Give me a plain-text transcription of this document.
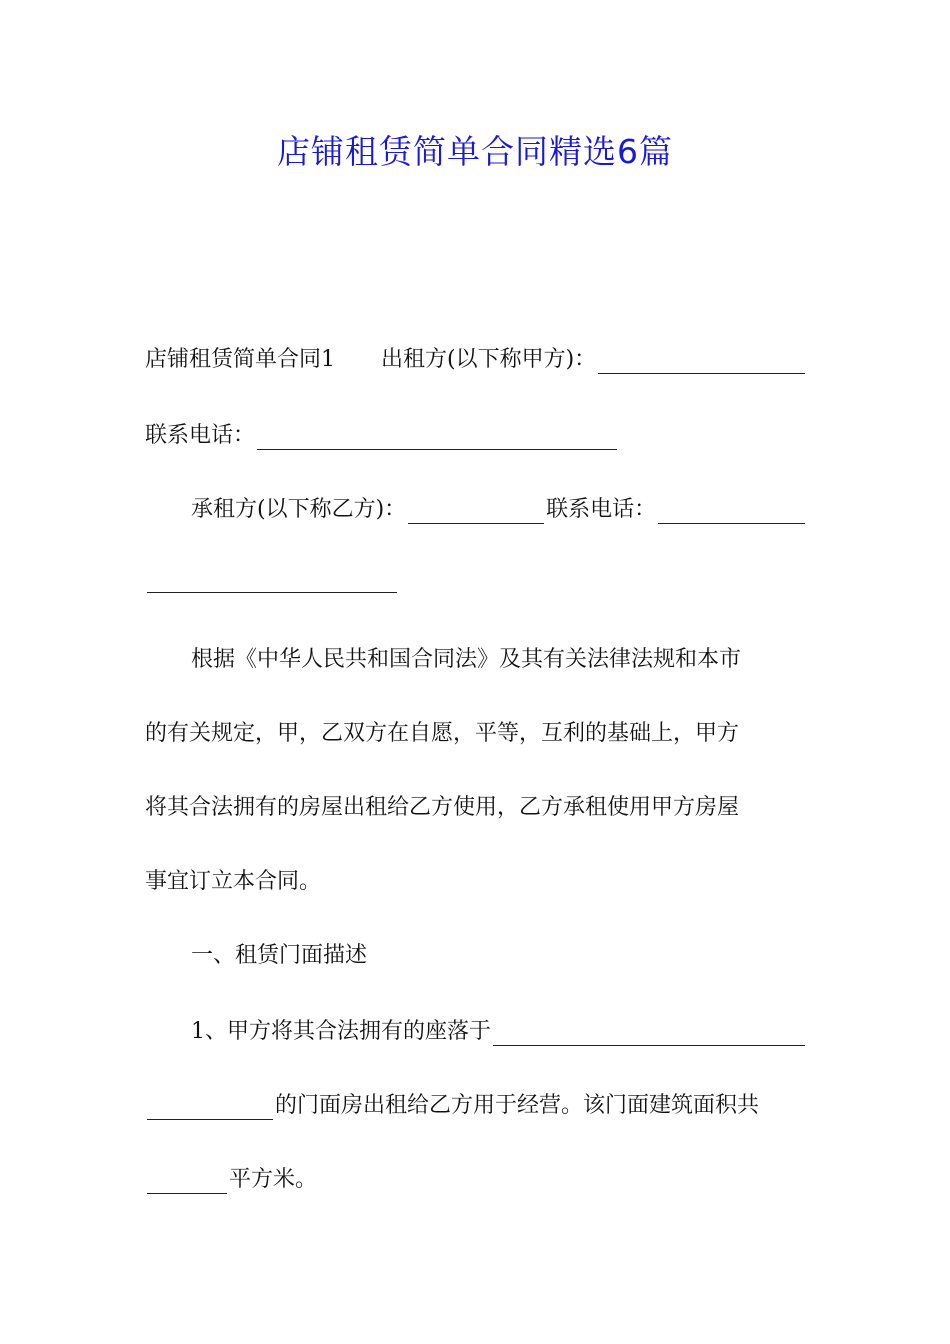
店铺租赁简单合同精选6篇
店铺租赁简单合同1 出租方(以下称甲方)：
联系电话：
承租方(以下称乙方)：	联系电话：
根据《中华人民共和国合同法》及其有关法律法规和本市
的有关规定，甲，乙双方在自愿，平等，互利的基础上，甲方
将其合法拥有的房屋出租给乙方使用，乙方承租使用甲方房屋
事宜订立本合同。
一、租赁门面描述
1、甲方将其合法拥有的座落于
的门面房出租给乙方用于经营。该门面建筑面积共
平方米。
